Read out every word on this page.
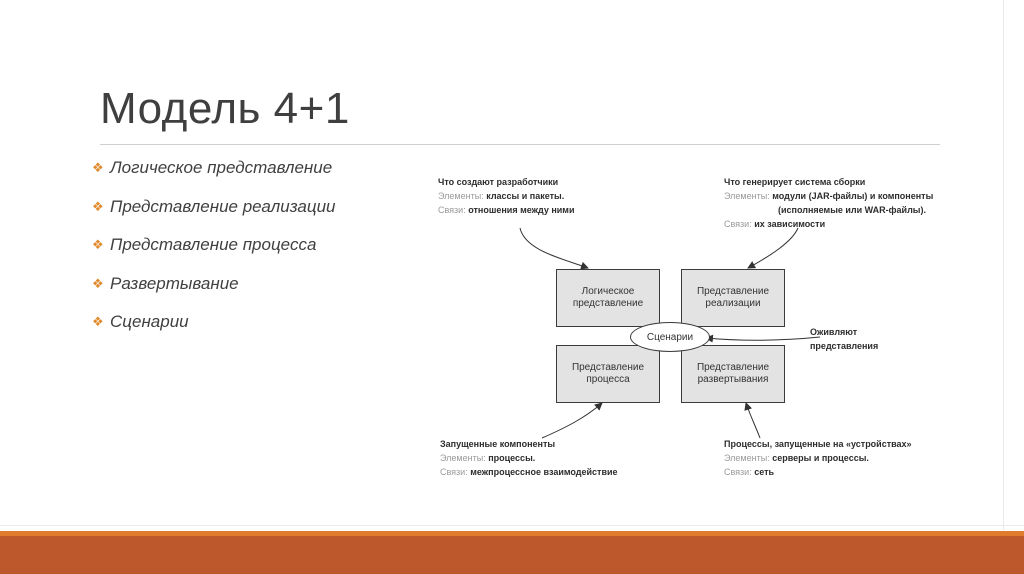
Модель 4+1
❖ Логическое представление
❖ Представление реализации
❖ Представление процесса
❖ Развертывание
❖ Сценарии
Логическое представление
Представление реализации
Представление процесса
Представление развертывания
Сценарии
Что создают разработчики
Элементы: классы и пакеты.
Связи: отношения между ними
Что генерирует система сборки
Элементы: модули (JAR-файлы) и компоненты
(исполняемые или WAR-файлы).
Связи: их зависимости
Оживляют
представления
Запущенные компоненты
Элементы: процессы.
Связи: межпроцессное взаимодействие
Процессы, запущенные на «устройствах»
Элементы: серверы и процессы.
Связи: сеть
